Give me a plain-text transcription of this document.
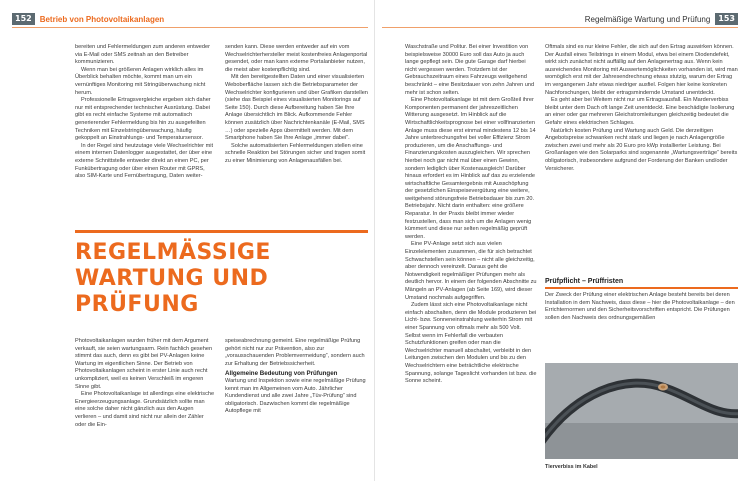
152	Betrieb von Photovoltaikanlagen

bereiten und Fehlermeldungen zum anderen entweder via E-Mail oder SMS zeitnah an den Betreiber kommunizieren.

Wenn man bei größeren Anlagen wirklich alles im Überblick behalten möchte, kommt man um ein vernünftiges Monitoring mit Stringüberwachung nicht herum.

Professionelle Ertragsvergleiche ergeben sich daher nur mit entsprechender technischer Ausrüstung. Dabei gibt es recht einfache Systeme mit automatisch generierender Fehlermeldung bis hin zu ausgefeilten Techniken mit Einzelstringüberwachung, häufig gekoppelt an Einstrahlungs- und Temperatursensor.

In der Regel sind heutzutage viele Wechselrichter mit einem internen Datenlogger ausgestattet, der über eine externe Schnittstelle entweder direkt an einen PC, per Funkübertragung oder über einen Router mit GPRS, also SIM-Karte und Fernübertragung, Daten weiter-

senden kann. Diese werden entweder auf ein vom Wechselrichterhersteller meist kostenfreies Anlagenportal gesendet, oder man kann externe Portalanbieter nutzen, die meist aber kostenpflichtig sind.

Mit den bereitgestellten Daten und einer visualisierten Weboberfläche lassen sich die Betriebsparameter der Wechselrichter konfigurieren und über Grafiken darstellen (siehe das Beispiel eines visualisierten Monitorings auf Seite 150). Durch diese Aufbereitung haben Sie Ihre Anlage übersichtlich im Blick. Aufkommende Fehler können zusätzlich über Nachrichtenkanäle (E-Mail, SMS …) oder spezielle Apps übermittelt werden. Mit dem Smartphone haben Sie Ihre Anlage „immer dabei“.

Solche automatisierten Fehlermeldungen stellen eine schnelle Reaktion bei Störungen sicher und tragen somit zu einer Minimierung von Anlagenausfällen bei.

REGELMÄSSIGE WARTUNG UND PRÜFUNG

Photovoltaikanlagen wurden früher mit dem Argument verkauft, sie seien wartungsarm. Rein fachlich gesehen stimmt das auch, denn es gibt bei PV-Anlagen keine Wartung im eigentlichen Sinne. Der Betrieb von Photovoltaikanlagen scheint in erster Linie auch recht unkompliziert, weil es keinen Verschleiß im engeren Sinne gibt.

Eine Photovoltaikanlage ist allerdings eine elektrische Energieerzeugungsanlage. Grundsätzlich sollte man eine solche daher nicht gänzlich aus den Augen verlieren – und damit sind nicht nur allein der Zähler oder die Ein-

speiseabrechnung gemeint. Eine regelmäßige Prüfung gehört nicht nur zur Prävention, also zur „vorausschauenden Problemvermeidung“, sondern auch zur Erhaltung der Betriebssicherheit.

Allgemeine Bedeutung von Prüfungen

Wartung und Inspektion sowie eine regelmäßige Prüfung kennt man im Allgemeinen vom Auto. Jährlicher Kundendienst und alle zwei Jahre „Tüv-Prüfung“ sind obligatorisch. Dazwischen kommt die regelmäßige Autopflege mit

Regelmäßige Wartung und Prüfung	153

Waschstraße und Politur. Bei einer Investition von beispielsweise 30000 Euro soll das Auto ja auch lange gepflegt sein. Die gute Garage darf hierbei nicht vergessen werden. Trotzdem ist der Gebrauchszeitraum eines Fahrzeugs weitgehend beschränkt – eine Besitzdauer von zehn Jahren und mehr ist schon selten.

Eine Photovoltaikanlage ist mit dem Großteil ihrer Komponenten permanent der jahreszeitlichen Witterung ausgesetzt. Im Hinblick auf die Wirtschaftlichkeitsprognose bei einer vollfinanzierten Anlage muss diese erst einmal mindestens 12 bis 14 Jahre unterbrechungsfrei bei voller Effizienz Strom produzieren, um die Anschaffungs- und Finanzierungskosten auszugleichen. Wir sprechen hierbei noch gar nicht mal über einen Gewinn, sondern lediglich über Kostenausgleich! Darüber hinaus erfordert es im Hinblick auf das zu erzielende wirtschaftliche Gesamtergebnis mit Ausschöpfung der gesetzlichen Einspeisevergütung eine weitere, weitgehend störungsfreie Betriebsdauer bis zum 20. Betriebsjahr. Nicht darin enthalten: eine größere Reparatur. In der Praxis bleibt immer wieder festzustellen, dass man sich um die Anlagen wenig kümmert und diese nur selten regelmäßig geprüft werden.

Eine PV-Anlage setzt sich aus vielen Einzelelementen zusammen, die für sich betrachtet Schwachstellen sein können – nicht alle gleichzeitig, aber dennoch vereinzelt. Daraus geht die Notwendigkeit regelmäßiger Prüfungen mehr als deutlich hervor. In einem der folgenden Abschnitte zu Mängeln an PV-Anlagen (ab Seite 169), wird dieser Umstand nochmals aufgegriffen.

Zudem lässt sich eine Photovoltaikanlage nicht einfach abschalten, denn die Module produzieren bei Licht- bzw. Sonneneinstrahlung weiterhin Strom mit einer Spannung von oftmals mehr als 500 Volt. Selbst wenn im Fehlerfall die verbauten Schutzfunktionen greifen oder man die Wechselrichter manuell abschaltet, verbleibt in den Leitungen zwischen den Modulen und bis zu den Wechselrichtern eine beträchtliche elektrische Spannung, solange Tageslicht vorhanden ist bzw. die Sonne scheint.

Oftmals sind es nur kleine Fehler, die sich auf den Ertrag auswirken können. Der Ausfall eines Teilstrings in einem Modul, etwa bei einem Diodendefekt, wirkt sich zunächst nicht auffällig auf den Anlagenertrag aus. Wenn kein ausreichendes Monitoring mit Auswertemöglichkeiten vorhanden ist, wird man womöglich erst mit der Jahresendrechnung etwas stutzig, warum der Ertrag im vergangenen Jahr etwas niedriger ausfiel. Folgen hier keine konkreten Nachforschungen, bleibt der ertragsmindernde Umstand unentdeckt.

Es geht aber bei Weitem nicht nur um Ertragsausfall. Ein Marderverbiss bleibt unter dem Dach oft lange Zeit unentdeckt. Eine beschädigte Isolierung an einer oder gar mehreren Gleichstromleitungen gleichzeitig bedeutet die Gefahr eines elektrischen Schlages.

Natürlich kosten Prüfung und Wartung auch Geld. Die derzeitigen Angebotspreise schwanken recht stark und liegen je nach Anlagengröße zwischen zwei und mehr als 20 Euro pro kWp installierter Leistung. Bei Großanlagen wie den Solarparks sind sogenannte „Wartungsverträge“ bereits obligatorisch, insbesondere aufgrund der Forderung der Banken und/oder Versicherer.

Prüfpflicht – Prüffristen

Der Zweck der Prüfung einer elektrischen Anlage besteht bereits bei deren Installation in dem Nachweis, dass diese – hier die Photovoltaikanlage – den Errichternormen und den Sicherheitsvorschriften entspricht. Die Prüfungen sollen den Nachweis des ordnungsgemäßen

Tierverbiss im Kabel
